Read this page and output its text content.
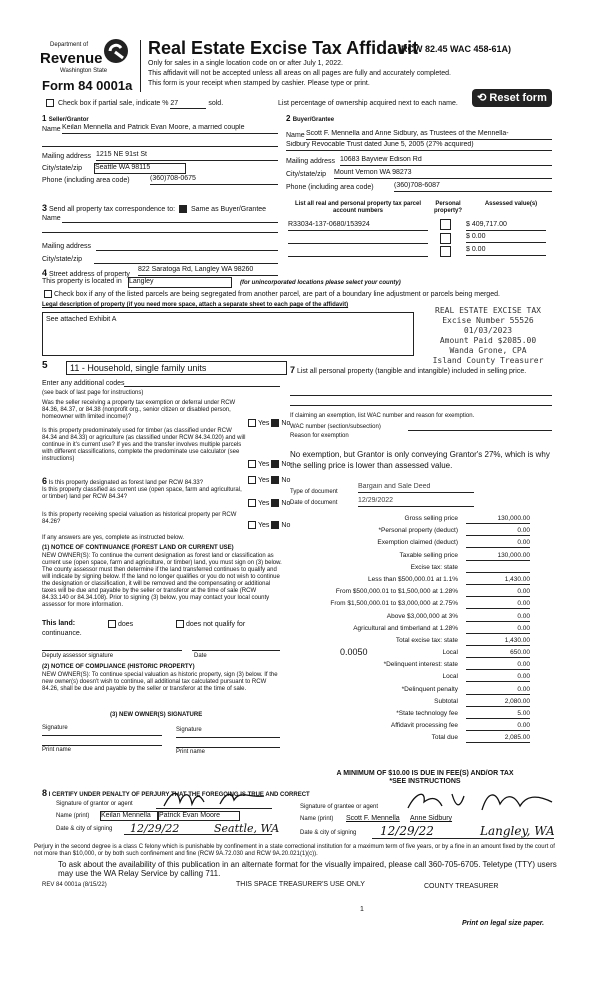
Department of
Revenue
Washington State
Form 84 0001a
Real Estate Excise Tax Affidavit
(RCW 82.45 WAC 458-61A)
Only for sales in a single location code on or after July 1, 2022.
This affidavit will not be accepted unless all areas on all pages are fully and accurately completed.
This form is your receipt when stamped by cashier. Please type or print.
Check box if partial sale, indicate % 27	sold.	List percentage of ownership acquired next to each name.	⟲ Reset form
1 Seller/Grantor
Name Keilan Mennella and Patrick Evan Moore, a married couple
Mailing address 1215 NE 91st St
City/state/zip Seattle WA 98115
Phone (including area code)	(360)708-0675
2 Buyer/Grantee
Name Scott F. Mennella and Anne Sidbury, as Trustees of the Mennella-
Sidbury Revocable Trust dated June 5, 2005 (27% acquired)
Mailing address 10683 Bayview Edison Rd
City/state/zip Mount Vernon WA 98273
Phone (including area code)	(360)708-6087
3 Send all property tax correspondence to: Same as Buyer/Grantee
Name
Mailing address
City/state/zip
List all real and personal property tax parcel account numbers
Personal property?
Assessed value(s)
R33034-137-0680/153924	$ 409,717.00
$ 0.00
$ 0.00
4 Street address of property
822 Saratoga Rd, Langley WA 98260
This property is located in Langley	(for unincorporated locations please select your county)
Check box if any of the listed parcels are being segregated from another parcel, are part of a boundary line adjustment or parcels being merged.
Legal description of property (if you need more space, attach a separate sheet to each page of the affidavit)
See attached Exhibit A
REAL ESTATE EXCISE TAX
Excise Number 55526
01/03/2023
Amount Paid $2085.00
Wanda Grone, CPA
Island County Treasurer
5	11 - Household, single family units
Enter any additional codes
(see back of last page for instructions)
Was the seller receiving a property tax exemption or deferral under RCW 84.36, 84.37, or 84.38 (nonprofit org., senior citizen or disabled person, homeowner with limited income)?
Yes No
Is this property predominately used for timber (as classified under RCW 84.34 and 84.33) or agriculture (as classified under RCW 84.34.020) and will continue in it's current use? If yes and the transfer involves multiple parcels with different classifications, complete the predominate use calculator (see instructions)
Yes No
6 Is this property designated as forest land per RCW 84.33?	Yes No
Is this property classified as current use (open space, farm and agricultural, or timber) land per RCW 84.34?
Yes No
Is this property receiving special valuation as historical property per RCW 84.26?	Yes No
If any answers are yes, complete as instructed below.
(1) NOTICE OF CONTINUANCE (FOREST LAND OR CURRENT USE)
NEW OWNER(S): To continue the current designation as forest land or classification as current use (open space, farm and agriculture, or timber) land, you must sign on (3) below. The county assessor must then determine if the land transferred continues to qualify and will indicate by signing below. If the land no longer qualifies or you do not wish to continue the designation or classification, it will be removed and the compensating or additional taxes will be due and payable by the seller or transferor at the time of sale (RCW 84.33.140 or 84.34.108). Prior to signing (3) below, you may contact your local county assessor for more information.
This land:	does	does not qualify for
continuance.
Deputy assessor signature	Date
(2) NOTICE OF COMPLIANCE (HISTORIC PROPERTY)
NEW OWNER(S): To continue special valuation as historic property, sign (3) below. If the new owner(s) doesn't wish to continue, all additional tax calculated pursuant to RCW 84.26, shall be due and payable by the seller or transferor at the time of sale.
(3) NEW OWNER(S) SIGNATURE
Signature	Signature
Print name	Print name
7 List all personal property (tangible and intangible) included in selling price.
If claiming an exemption, list WAC number and reason for exemption.
WAC number (section/subsection)
Reason for exemption
No exemption, but Grantor is only conveying Grantor's 27%, which is why the selling price is lower than assessed value.
Type of document
Bargain and Sale Deed
Date of document	12/29/2022
Gross selling price	130,000.00
*Personal property (deduct)	0.00
Exemption claimed (deduct)	0.00
Taxable selling price	130,000.00
Excise tax: state
Less than $500,000.01 at 1.1%	1,430.00
From $500,000.01 to $1,500,000 at 1.28%	0.00
From $1,500,000.01 to $3,000,000 at 2.75%	0.00
Above $3,000,000 at 3%	0.00
Agricultural and timberland at 1.28%	0.00
Total excise tax: state	1,430.00
Local
0.0050	650.00
*Delinquent interest: state	0.00
Local	0.00
*Delinquent penalty	0.00
Subtotal	2,080.00
*State technology fee	5.00
Affidavit processing fee	0.00
Total due	2,085.00
A MINIMUM OF $10.00 IS DUE IN FEE(S) AND/OR TAX
*SEE INSTRUCTIONS
8 I CERTIFY UNDER PENALTY OF PERJURY THAT THE FOREGOING IS TRUE AND CORRECT
Signature of grantor or agent
Name (print) Keilan Mennella	Patrick Evan Moore
Date & city of signing 12/29/22	Seattle, WA
Signature of grantee or agent
Name (print) Scott F. Mennella Anne Sidbury
Date & city of signing 12/29/22	Langley, WA
Perjury in the second degree is a class C felony which is punishable by confinement in a state correctional institution for a maximum term of five years, or by a fine in an amount fixed by the court of not more than $10,000, or by both such confinement and fine (RCW 9A.72.030 and RCW 9A.20.021(1)(c)).
To ask about the availability of this publication in an alternate format for the visually impaired, please call 360-705-6705. Teletype (TTY) users may use the WA Relay Service by calling 711.
REV 84 0001a (8/15/22)	THIS SPACE TREASURER'S USE ONLY	COUNTY TREASURER
1
Print on legal size paper.
